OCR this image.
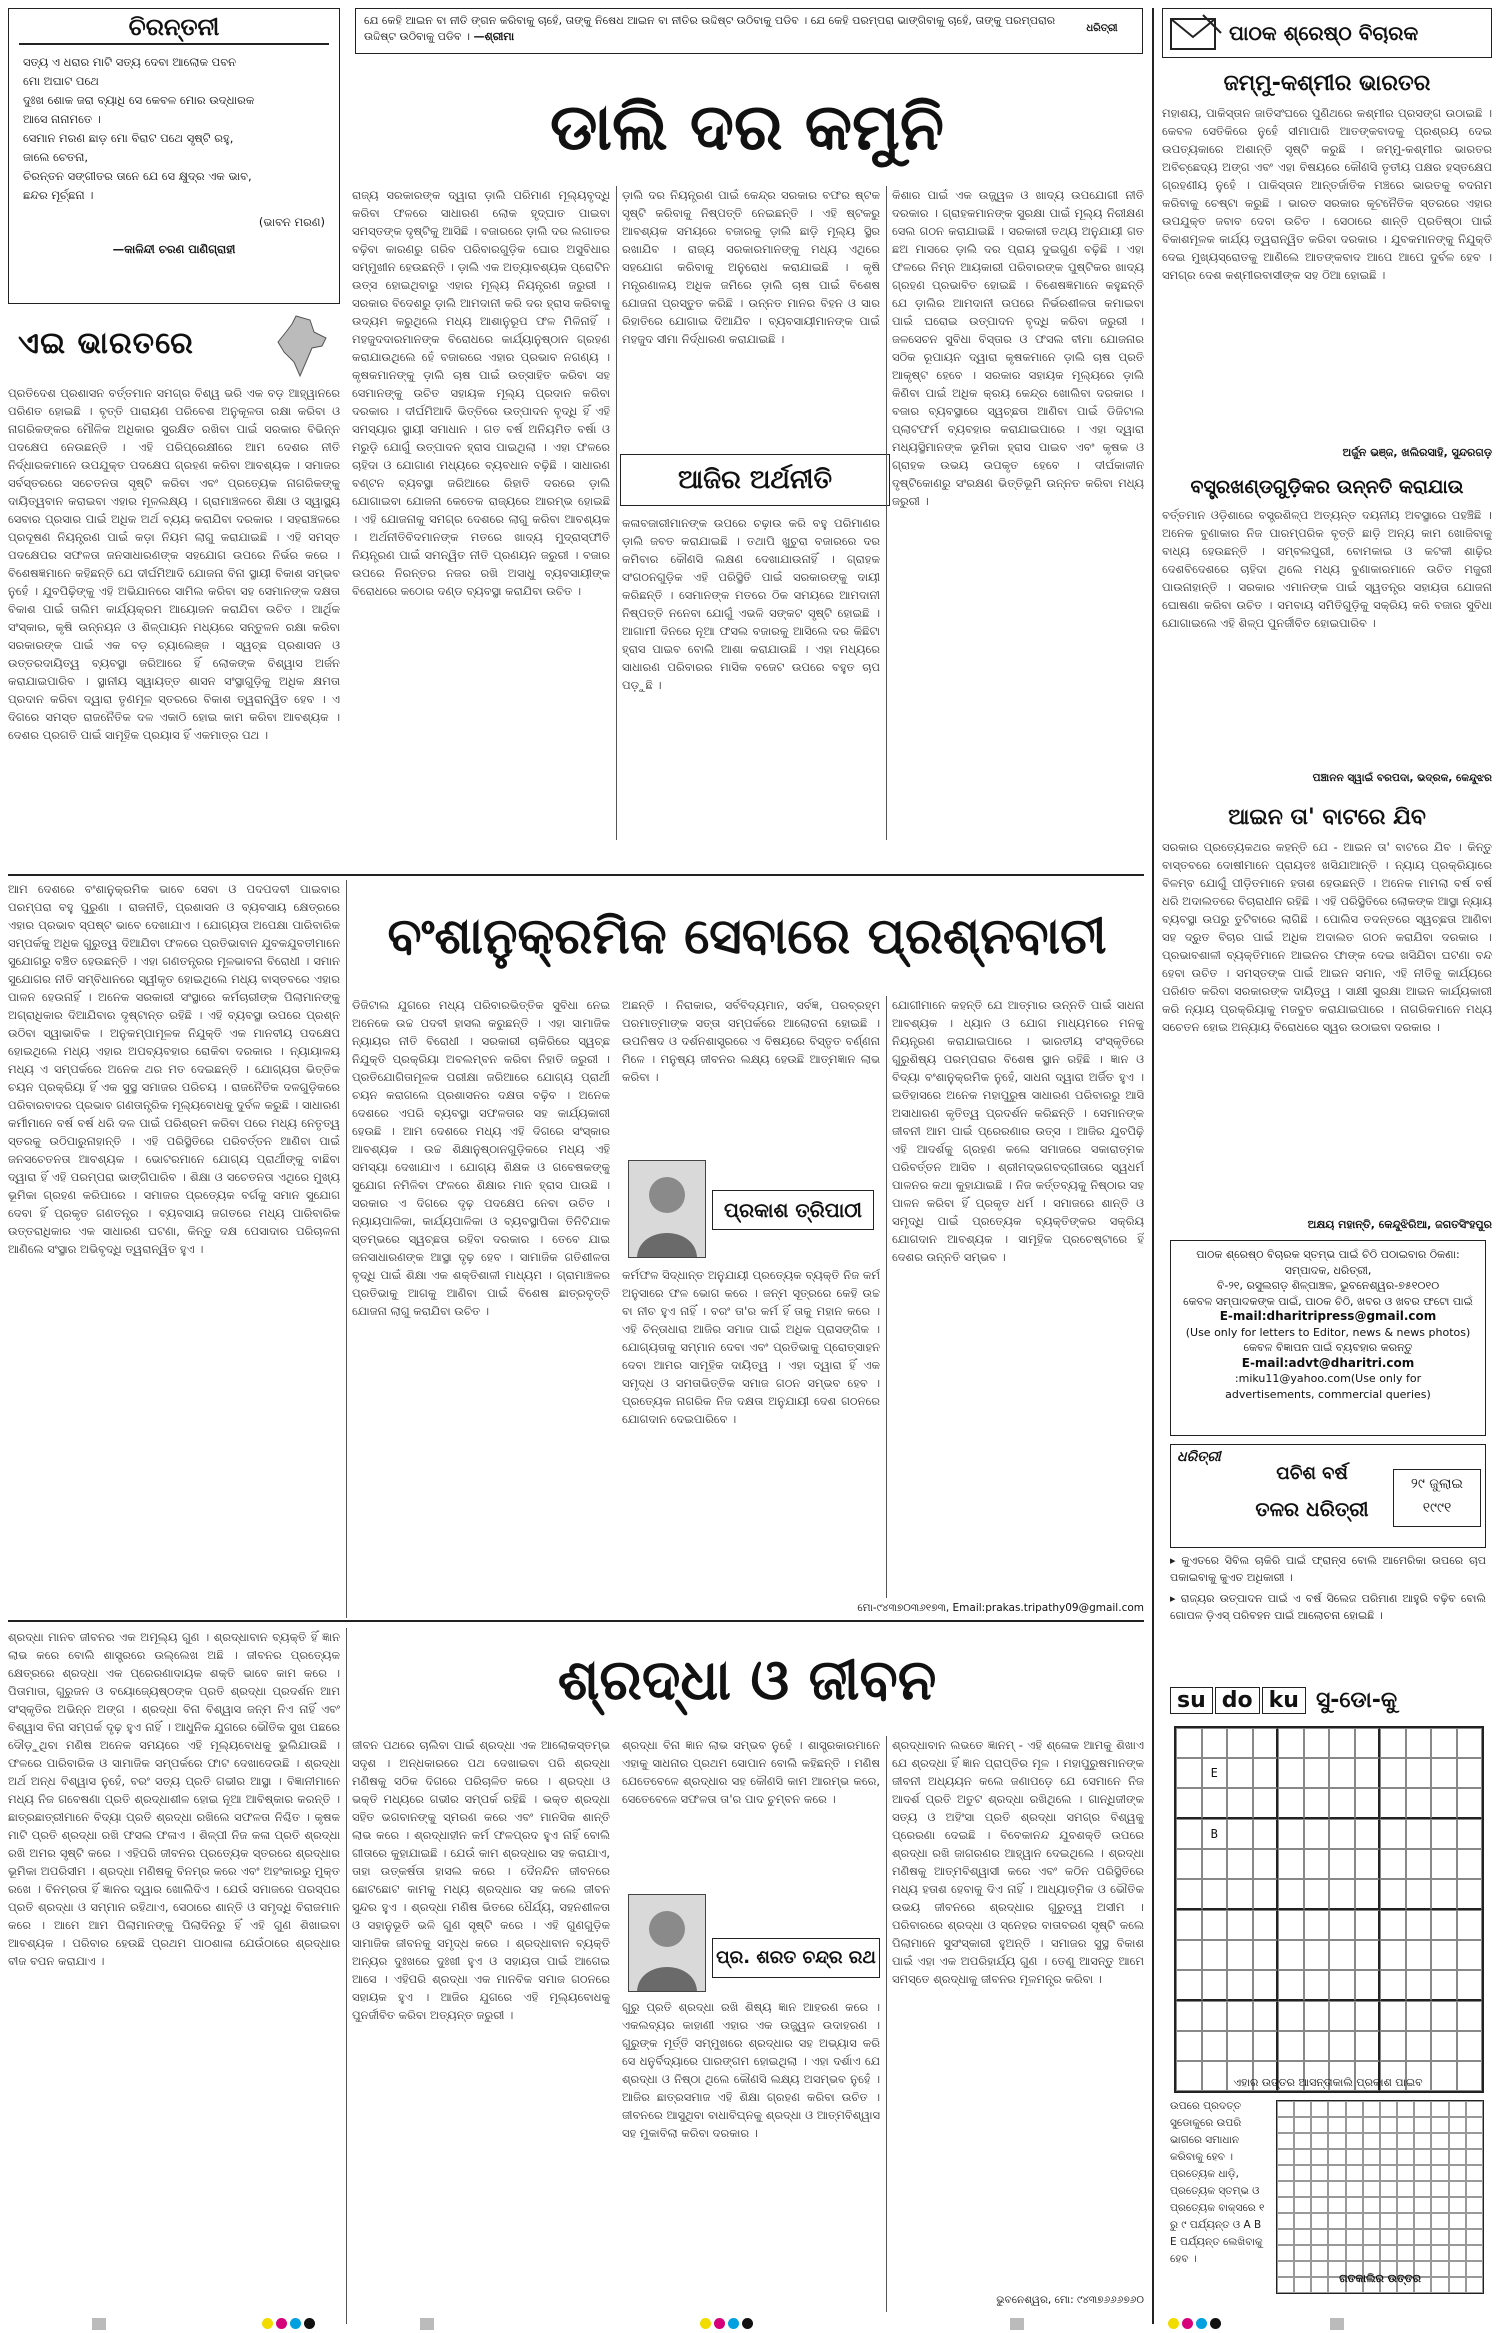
ଯେ କେହି ଆଇନ ବା ନୀତି ଙ୍ଗନ କରିବାକୁ ଚାହେଁ, ତାଙ୍କୁ ନିଷେଧ ଆଇନ ବା ନୀତିର ଉଦ୍ଦିଷ୍ଟ ଉଠିବାକୁ ପଡିବ । ଯେ କେହି ପରମ୍ପରା ଭାଙ୍ଗିବାକୁ ଚାହେଁ, ତାଙ୍କୁ ପରମ୍ପରାର ଉଦ୍ଦିଷ୍ଟ ଉଠିବାକୁ ପଡିବ । —ଶ୍ରୀମା
ଧରିତ୍ରୀ
ଚିରନ୍ତନୀ
ସତ୍ୟ ଏ ଧରାର ମାଟି ସତ୍ୟ ଦେବା ଆଲୋକ ପବନ
ମୋ ଅଘାଟ ପଥେ
ଦୁଃଖ ଶୋକ ଜରା ବ୍ୟାଧି ସେ କେବଳ ମୋର ଉଦ୍ଧାରକ
ଆସେ ନାନାମତେ ।
ସେମାନ ମରଣ ଛାଡ଼ ମୋ ବିରାଟ ପଥେ ସୃଷ୍ଟି ରହୁ,
ଜାଲେ ଚେତନା,
ଚିରନ୍ତନ ସଙ୍ଗୀତର ତାନେ ଯେ ସେ କ୍ଷୁଦ୍ର ଏକ ଭାବ,
ଛନ୍ଦର ମୂର୍ଚ୍ଛନା ।
(ଭାବନ ମରଣ)
—କାଳିନ୍ଦୀ ଚରଣ ପାଣିଗ୍ରାହୀ
ଏଇ ଭାରତରେ
ପ୍ରତିଦେଶ ପ୍ରଶାସନ ବର୍ତ୍ତମାନ ସମଗ୍ର ବିଶ୍ୱ ଭରି ଏକ ବଡ଼ ଆହ୍ୱାନରେ ପରିଣତ ହୋଇଛି । ବୃତ୍ତି ପାରାୟଣ ପରିବେଶ ଅନୁକୂଳତା ରକ୍ଷା କରିବା ଓ ନାଗରିକଙ୍କର ମୌଳିକ ଅଧିକାର ସୁରକ୍ଷିତ ରଖିବା ପାଇଁ ସରକାର ବିଭିନ୍ନ ପଦକ୍ଷେପ ନେଉଛନ୍ତି । ଏହି ପରିପ୍ରେକ୍ଷୀରେ ଆମ ଦେଶର ନୀତି ନିର୍ଦ୍ଧାରକମାନେ ଉପଯୁକ୍ତ ପଦକ୍ଷେପ ଗ୍ରହଣ କରିବା ଆବଶ୍ୟକ । ସମାଜର ସର୍ବସ୍ତରରେ ସଚେତନତା ସୃଷ୍ଟି କରିବା ଏବଂ ପ୍ରତ୍ୟେକ ନାଗରିକଙ୍କୁ ଦାୟିତ୍ୱବାନ କରାଇବା ଏହାର ମୂଳଲକ୍ଷ୍ୟ । ଗ୍ରାମାଞ୍ଚଳରେ ଶିକ୍ଷା ଓ ସ୍ୱାସ୍ଥ୍ୟ ସେବାର ପ୍ରସାର ପାଇଁ ଅଧିକ ଅର୍ଥ ବ୍ୟୟ କରାଯିବା ଦରକାର । ସହରାଞ୍ଚଳରେ ପ୍ରଦୂଷଣ ନିୟନ୍ତ୍ରଣ ପାଇଁ କଡ଼ା ନିୟମ ଲାଗୁ କରାଯାଇଛି । ଏହି ସମସ୍ତ ପଦକ୍ଷେପର ସଫଳତା ଜନସାଧାରଣଙ୍କ ସହଯୋଗ ଉପରେ ନିର୍ଭର କରେ । ବିଶେଷଜ୍ଞମାନେ କହିଛନ୍ତି ଯେ ଦୀର୍ଘମିଆଦି ଯୋଜନା ବିନା ସ୍ଥାୟୀ ବିକାଶ ସମ୍ଭବ ନୁହେଁ । ଯୁବପିଢ଼ିଙ୍କୁ ଏହି ଅଭିଯାନରେ ସାମିଲ କରିବା ସହ ସେମାନଙ୍କ ଦକ୍ଷତା ବିକାଶ ପାଇଁ ତାଲିମ କାର୍ଯ୍ୟକ୍ରମ ଆୟୋଜନ କରାଯିବା ଉଚିତ । ଆର୍ଥିକ ସଂସ୍କାର, କୃଷି ଉନ୍ନୟନ ଓ ଶିଳ୍ପାୟନ ମଧ୍ୟରେ ସନ୍ତୁଳନ ରକ୍ଷା କରିବା ସରକାରଙ୍କ ପାଇଁ ଏକ ବଡ଼ ଚ୍ୟାଲେଞ୍ଜ । ସ୍ୱଚ୍ଛ ପ୍ରଶାସନ ଓ ଉତ୍ତରଦାୟିତ୍ୱ ବ୍ୟବସ୍ଥା ଜରିଆରେ ହିଁ ଲୋକଙ୍କ ବିଶ୍ୱାସ ଅର୍ଜନ କରାଯାଇପାରିବ । ସ୍ଥାନୀୟ ସ୍ୱାୟତ୍ତ ଶାସନ ସଂସ୍ଥାଗୁଡ଼ିକୁ ଅଧିକ କ୍ଷମତା ପ୍ରଦାନ କରିବା ଦ୍ୱାରା ତୃଣମୂଳ ସ୍ତରରେ ବିକାଶ ତ୍ୱରାନ୍ୱିତ ହେବ । ଏ ଦିଗରେ ସମସ୍ତ ରାଜନୈତିକ ଦଳ ଏକାଠି ହୋଇ କାମ କରିବା ଆବଶ୍ୟକ । ଦେଶର ପ୍ରଗତି ପାଇଁ ସାମୂହିକ ପ୍ରୟାସ ହିଁ ଏକମାତ୍ର ପଥ ।
ଡାଲି ଦର କମୁନି
ରାଜ୍ୟ ସରକାରଙ୍କ ଦ୍ୱାରା ଡ଼ାଲି ପରିମାଣ ମୂଲ୍ୟବୃଦ୍ଧି କରିବା ଫଳରେ ସାଧାରଣ ଲୋକ ହୃଦ୍‌ଘାତ ପାଇବା ସମସ୍ତଙ୍କ ଦୃଷ୍ଟିକୁ ଆସିଛି । ବଜାରରେ ଡ଼ାଲି ଦର ଲଗାତର ବଢ଼ିବା କାରଣରୁ ଗରିବ ପରିବାରଗୁଡ଼ିକ ଘୋର ଅସୁବିଧାର ସମ୍ମୁଖୀନ ହେଉଛନ୍ତି । ଡ଼ାଲି ଏକ ଅତ୍ୟାବଶ୍ୟକ ପ୍ରୋଟିନ ଉତ୍ସ ହୋଇଥିବାରୁ ଏହାର ମୂଲ୍ୟ ନିୟନ୍ତ୍ରଣ ଜରୁରୀ । ସରକାର ବିଦେଶରୁ ଡ଼ାଲି ଆମଦାନୀ କରି ଦର ହ୍ରାସ କରିବାକୁ ଉଦ୍ୟମ କରୁଥିଲେ ମଧ୍ୟ ଆଶାନୁରୂପ ଫଳ ମିଳିନାହିଁ । ମହଜୁଦଦାରମାନଙ୍କ ବିରୋଧରେ କାର୍ଯ୍ୟାନୁଷ୍ଠାନ ଗ୍ରହଣ କରାଯାଉଥିଲେ ହେଁ ବଜାରରେ ଏହାର ପ୍ରଭାବ ନଗଣ୍ୟ । କୃଷକମାନଙ୍କୁ ଡ଼ାଲି ଚାଷ ପାଇଁ ଉତ୍ସାହିତ କରିବା ସହ ସେମାନଙ୍କୁ ଉଚିତ ସହାୟକ ମୂଲ୍ୟ ପ୍ରଦାନ କରିବା ଦରକାର । ଦୀର୍ଘମିଆଦି ଭିତ୍ତିରେ ଉତ୍ପାଦନ ବୃଦ୍ଧି ହିଁ ଏହି ସମସ୍ୟାର ସ୍ଥାୟୀ ସମାଧାନ । ଗତ ବର୍ଷ ଅନିୟମିତ ବର୍ଷା ଓ ମରୁଡ଼ି ଯୋଗୁଁ ଉତ୍ପାଦନ ହ୍ରାସ ପାଇଥିଲା । ଏହା ଫଳରେ ଚାହିଦା ଓ ଯୋଗାଣ ମଧ୍ୟରେ ବ୍ୟବଧାନ ବଢ଼ିଛି । ସାଧାରଣ ବଣ୍ଟନ ବ୍ୟବସ୍ଥା ଜରିଆରେ ରିହାତି ଦରରେ ଡ଼ାଲି ଯୋଗାଇବା ଯୋଜନା କେତେକ ରାଜ୍ୟରେ ଆରମ୍ଭ ହୋଇଛି । ଏହି ଯୋଜନାକୁ ସମଗ୍ର ଦେଶରେ ଲାଗୁ କରିବା ଆବଶ୍ୟକ । ଅର୍ଥନୀତିବିଦମାନଙ୍କ ମତରେ ଖାଦ୍ୟ ମୁଦ୍ରାସ୍ଫୀତି ନିୟନ୍ତ୍ରଣ ପାଇଁ ସମନ୍ୱିତ ନୀତି ପ୍ରଣୟନ ଜରୁରୀ । ବଜାର ଉପରେ ନିରନ୍ତର ନଜର ରଖି ଅସାଧୁ ବ୍ୟବସାୟୀଙ୍କ ବିରୋଧରେ କଠୋର ଦଣ୍ଡ ବ୍ୟବସ୍ଥା କରାଯିବା ଉଚିତ ।
ଆଜିର ଅର୍ଥନୀତି
ଡ଼ାଲି ଦର ନିୟନ୍ତ୍ରଣ ପାଇଁ କେନ୍ଦ୍ର ସରକାର ବଫର ଷ୍ଟକ ସୃଷ୍ଟି କରିବାକୁ ନିଷ୍ପତ୍ତି ନେଇଛନ୍ତି । ଏହି ଷ୍ଟକରୁ ଆବଶ୍ୟକ ସମୟରେ ବଜାରକୁ ଡ଼ାଲି ଛାଡ଼ି ମୂଲ୍ୟ ସ୍ଥିର ରଖାଯିବ । ରାଜ୍ୟ ସରକାରମାନଙ୍କୁ ମଧ୍ୟ ଏଥିରେ ସହଯୋଗ କରିବାକୁ ଅନୁରୋଧ କରାଯାଇଛି । କୃଷି ମନ୍ତ୍ରଣାଳୟ ଅଧିକ ଜମିରେ ଡ଼ାଲି ଚାଷ ପାଇଁ ବିଶେଷ ଯୋଜନା ପ୍ରସ୍ତୁତ କରିଛି । ଉନ୍ନତ ମାନର ବିହନ ଓ ସାର ରିହାତିରେ ଯୋଗାଇ ଦିଆଯିବ । ବ୍ୟବସାୟୀମାନଙ୍କ ପାଇଁ ମହଜୁଦ ସୀମା ନିର୍ଦ୍ଧାରଣ କରାଯାଇଛି ।
କଳାବଜାରୀମାନଙ୍କ ଉପରେ ଚଢ଼ାଉ କରି ବହୁ ପରିମାଣର ଡ଼ାଲି ଜବତ କରାଯାଇଛି । ତଥାପି ଖୁଚୁରା ବଜାରରେ ଦର କମିବାର କୌଣସି ଲକ୍ଷଣ ଦେଖାଯାଉନାହିଁ । ଗ୍ରାହକ ସଂଗଠନଗୁଡ଼ିକ ଏହି ପରିସ୍ଥିତି ପାଇଁ ସରକାରଙ୍କୁ ଦାୟୀ କରିଛନ୍ତି । ସେମାନଙ୍କ ମତରେ ଠିକ ସମୟରେ ଆମଦାନୀ ନିଷ୍ପତ୍ତି ନନେବା ଯୋଗୁଁ ଏଭଳି ସଙ୍କଟ ସୃଷ୍ଟି ହୋଇଛି । ଆଗାମୀ ଦିନରେ ନୂଆ ଫସଲ ବଜାରକୁ ଆସିଲେ ଦର କିଛିଟା ହ୍ରାସ ପାଇବ ବୋଲି ଆଶା କରାଯାଉଛି । ଏହା ମଧ୍ୟରେ ସାଧାରଣ ପରିବାରର ମାସିକ ବଜେଟ ଉପରେ ବହୁତ ଚାପ ପଡ଼ୁଛି ।
କିଶାର ପାଇଁ ଏକ ଉଜ୍ଜ୍ୱଳ ଓ ଖାଦ୍ୟ ଉପଯୋଗୀ ନୀତି ଦରକାର । ଗ୍ରାହକମାନଙ୍କ ସୁରକ୍ଷା ପାଇଁ ମୂଲ୍ୟ ନିରୀକ୍ଷଣ ସେଲ ଗଠନ କରାଯାଇଛି । ସରକାରୀ ତଥ୍ୟ ଅନୁଯାୟୀ ଗତ ଛଅ ମାସରେ ଡ଼ାଲି ଦର ପ୍ରାୟ ଦୁଇଗୁଣ ବଢ଼ିଛି । ଏହା ଫଳରେ ନିମ୍ନ ଆୟକାରୀ ପରିବାରଙ୍କ ପୁଷ୍ଟିକର ଖାଦ୍ୟ ଗ୍ରହଣ ପ୍ରଭାବିତ ହୋଇଛି । ବିଶେଷଜ୍ଞମାନେ କହୁଛନ୍ତି ଯେ ଡ଼ାଲିର ଆମଦାନୀ ଉପରେ ନିର୍ଭରଶୀଳତା କମାଇବା ପାଇଁ ଘରୋଇ ଉତ୍ପାଦନ ବୃଦ୍ଧି କରିବା ଜରୁରୀ । ଜଳସେଚନ ସୁବିଧା ବିସ୍ତାର ଓ ଫସଲ ବୀମା ଯୋଜନାର ସଠିକ ରୂପାୟନ ଦ୍ୱାରା କୃଷକମାନେ ଡ଼ାଲି ଚାଷ ପ୍ରତି ଆକୃଷ୍ଟ ହେବେ । ସରକାର ସହାୟକ ମୂଲ୍ୟରେ ଡ଼ାଲି କିଣିବା ପାଇଁ ଅଧିକ କ୍ରୟ କେନ୍ଦ୍ର ଖୋଲିବା ଦରକାର । ବଜାର ବ୍ୟବସ୍ଥାରେ ସ୍ୱଚ୍ଛତା ଆଣିବା ପାଇଁ ଡିଜିଟାଲ ପ୍ଲାଟଫର୍ମ ବ୍ୟବହାର କରାଯାଇପାରେ । ଏହା ଦ୍ୱାରା ମଧ୍ୟସ୍ଥିମାନଙ୍କ ଭୂମିକା ହ୍ରାସ ପାଇବ ଏବଂ କୃଷକ ଓ ଗ୍ରାହକ ଉଭୟ ଉପକୃତ ହେବେ । ଦୀର୍ଘକାଳୀନ ଦୃଷ୍ଟିକୋଣରୁ ସଂରକ୍ଷଣ ଭିତ୍ତିଭୂମି ଉନ୍ନତ କରିବା ମଧ୍ୟ ଜରୁରୀ ।
ଆମ ଦେଶରେ ବଂଶାନୁକ୍ରମିକ ଭାବେ ସେବା ଓ ପଦପଦବୀ ପାଇବାର ପରମ୍ପରା ବହୁ ପୁରୁଣା । ରାଜନୀତି, ପ୍ରଶାସନ ଓ ବ୍ୟବସାୟ କ୍ଷେତ୍ରରେ ଏହାର ପ୍ରଭାବ ସ୍ପଷ୍ଟ ଭାବେ ଦେଖାଯାଏ । ଯୋଗ୍ୟତା ଅପେକ୍ଷା ପାରିବାରିକ ସମ୍ପର୍କକୁ ଅଧିକ ଗୁରୁତ୍ୱ ଦିଆଯିବା ଫଳରେ ପ୍ରତିଭାବାନ ଯୁବକଯୁବତୀମାନେ ସୁଯୋଗରୁ ବଞ୍ଚିତ ହେଉଛନ୍ତି । ଏହା ଗଣତନ୍ତ୍ରର ମୂଳଭାବନା ବିରୋଧୀ । ସମାନ ସୁଯୋଗର ନୀତି ସମ୍ବିଧାନରେ ସ୍ୱୀକୃତ ହୋଇଥିଲେ ମଧ୍ୟ ବାସ୍ତବରେ ଏହାର ପାଳନ ହେଉନାହିଁ । ଅନେକ ସରକାରୀ ସଂସ୍ଥାରେ କର୍ମଚାରୀଙ୍କ ପିଲାମାନଙ୍କୁ ଅଗ୍ରାଧିକାର ଦିଆଯିବାର ଦୃଷ୍ଟାନ୍ତ ରହିଛି । ଏହି ବ୍ୟବସ୍ଥା ଉପରେ ପ୍ରଶ୍ନ ଉଠିବା ସ୍ୱାଭାବିକ । ଅନୁକମ୍ପାମୂଳକ ନିଯୁକ୍ତି ଏକ ମାନବୀୟ ପଦକ୍ଷେପ ହୋଇଥିଲେ ମଧ୍ୟ ଏହାର ଅପବ୍ୟବହାର ରୋକିବା ଦରକାର । ନ୍ୟାୟାଳୟ ମଧ୍ୟ ଏ ସମ୍ପର୍କରେ ଅନେକ ଥର ମତ ଦେଇଛନ୍ତି । ଯୋଗ୍ୟତା ଭିତ୍ତିକ ଚୟନ ପ୍ରକ୍ରିୟା ହିଁ ଏକ ସୁସ୍ଥ ସମାଜର ପରିଚୟ । ରାଜନୈତିକ ଦଳଗୁଡ଼ିକରେ ପରିବାରବାଦର ପ୍ରଭାବ ଗଣତାନ୍ତ୍ରିକ ମୂଲ୍ୟବୋଧକୁ ଦୁର୍ବଳ କରୁଛି । ସାଧାରଣ କର୍ମୀମାନେ ବର୍ଷ ବର୍ଷ ଧରି ଦଳ ପାଇଁ ପରିଶ୍ରମ କରିବା ପରେ ମଧ୍ୟ ନେତୃତ୍ୱ ସ୍ତରକୁ ଉଠିପାରୁନାହାନ୍ତି । ଏହି ପରିସ୍ଥିତିରେ ପରିବର୍ତ୍ତନ ଆଣିବା ପାଇଁ ଜନସଚେତନତା ଆବଶ୍ୟକ । ଭୋଟରମାନେ ଯୋଗ୍ୟ ପ୍ରାର୍ଥୀଙ୍କୁ ବାଛିବା ଦ୍ୱାରା ହିଁ ଏହି ପରମ୍ପରା ଭାଙ୍ଗିପାରିବ । ଶିକ୍ଷା ଓ ସଚେତନତା ଏଥିରେ ମୁଖ୍ୟ ଭୂମିକା ଗ୍ରହଣ କରିପାରେ । ସମାଜର ପ୍ରତ୍ୟେକ ବର୍ଗକୁ ସମାନ ସୁଯୋଗ ଦେବା ହିଁ ପ୍ରକୃତ ଗଣତନ୍ତ୍ର । ବ୍ୟବସାୟ ଜଗତରେ ମଧ୍ୟ ପାରିବାରିକ ଉତ୍ତରାଧିକାର ଏକ ସାଧାରଣ ଘଟଣା, କିନ୍ତୁ ଦକ୍ଷ ପେସାଦାର ପରିଚାଳନା ଆଣିଲେ ସଂସ୍ଥାର ଅଭିବୃଦ୍ଧି ତ୍ୱରାନ୍ୱିତ ହୁଏ ।
ବଂଶାନୁକ୍ରମିକ ସେବାରେ ପ୍ରଶ୍ନବାଚୀ
ଡିଜିଟାଲ ଯୁଗରେ ମଧ୍ୟ ପରିବାରଭିତ୍ତିକ ସୁବିଧା ନେଇ ଅନେକେ ଉଚ୍ଚ ପଦବୀ ହାସଲ କରୁଛନ୍ତି । ଏହା ସାମାଜିକ ନ୍ୟାୟର ନୀତି ବିରୋଧୀ । ସରକାରୀ ଚାକିରିରେ ସ୍ୱଚ୍ଛ ନିଯୁକ୍ତି ପ୍ରକ୍ରିୟା ଅବଲମ୍ବନ କରିବା ନିହାତି ଜରୁରୀ । ପ୍ରତିଯୋଗିତାମୂଳକ ପରୀକ୍ଷା ଜରିଆରେ ଯୋଗ୍ୟ ପ୍ରାର୍ଥୀ ଚୟନ କରାଗଲେ ପ୍ରଶାସନର ଦକ୍ଷତା ବଢ଼ିବ । ଅନେକ ଦେଶରେ ଏପରି ବ୍ୟବସ୍ଥା ସଫଳତାର ସହ କାର୍ଯ୍ୟକାରୀ ହେଉଛି । ଆମ ଦେଶରେ ମଧ୍ୟ ଏହି ଦିଗରେ ସଂସ୍କାର ଆବଶ୍ୟକ । ଉଚ୍ଚ ଶିକ୍ଷାନୁଷ୍ଠାନଗୁଡ଼ିକରେ ମଧ୍ୟ ଏହି ସମସ୍ୟା ଦେଖାଯାଏ । ଯୋଗ୍ୟ ଶିକ୍ଷକ ଓ ଗବେଷକଙ୍କୁ ସୁଯୋଗ ନମିଳିବା ଫଳରେ ଶିକ୍ଷାର ମାନ ହ୍ରାସ ପାଉଛି । ସରକାର ଏ ଦିଗରେ ଦୃଢ଼ ପଦକ୍ଷେପ ନେବା ଉଚିତ । ନ୍ୟାୟପାଳିକା, କାର୍ଯ୍ୟପାଳିକା ଓ ବ୍ୟବସ୍ଥାପିକା ତିନିଟିଯାକ ସ୍ତମ୍ଭରେ ସ୍ୱଚ୍ଛତା ରହିବା ଦରକାର । ତେବେ ଯାଇ ଜନସାଧାରଣଙ୍କ ଆସ୍ଥା ଦୃଢ଼ ହେବ । ସାମାଜିକ ଗତିଶୀଳତା ବୃଦ୍ଧି ପାଇଁ ଶିକ୍ଷା ଏକ ଶକ୍ତିଶାଳୀ ମାଧ୍ୟମ । ଗ୍ରାମାଞ୍ଚଳର ପ୍ରତିଭାକୁ ଆଗକୁ ଆଣିବା ପାଇଁ ବିଶେଷ ଛାତ୍ରବୃତ୍ତି ଯୋଜନା ଲାଗୁ କରାଯିବା ଉଚିତ ।
ପ୍ରକାଶ ତ୍ରିପାଠୀ
ଅଛନ୍ତି । ନିରାକାର, ସର୍ବବିଦ୍ୟମାନ, ସର୍ବଜ୍ଞ, ପରବ୍ରହ୍ମ ପରମାତ୍ମାଙ୍କ ସତ୍ତା ସମ୍ପର୍କରେ ଆଲୋଚନା ହୋଇଛି । ଉପନିଷଦ ଓ ଦର୍ଶନଶାସ୍ତ୍ରରେ ଏ ବିଷୟରେ ବିସ୍ତୃତ ବର୍ଣ୍ଣନା ମିଳେ । ମନୁଷ୍ୟ ଜୀବନର ଲକ୍ଷ୍ୟ ହେଉଛି ଆତ୍ମଜ୍ଞାନ ଲାଭ କରିବା ।
କର୍ମଫଳ ସିଦ୍ଧାନ୍ତ ଅନୁଯାୟୀ ପ୍ରତ୍ୟେକ ବ୍ୟକ୍ତି ନିଜ କର୍ମ ଅନୁସାରେ ଫଳ ଭୋଗ କରେ । ଜନ୍ମ ସୂତ୍ରରେ କେହି ଉଚ୍ଚ ବା ନୀଚ ହୁଏ ନାହିଁ । ବରଂ ତା'ର କର୍ମ ହିଁ ତାକୁ ମହାନ କରେ । ଏହି ଚିନ୍ତାଧାରା ଆଜିର ସମାଜ ପାଇଁ ଅଧିକ ପ୍ରାସଙ୍ଗିକ । ଯୋଗ୍ୟତାକୁ ସମ୍ମାନ ଦେବା ଏବଂ ପ୍ରତିଭାକୁ ପ୍ରୋତ୍ସାହନ ଦେବା ଆମର ସାମୂହିକ ଦାୟିତ୍ୱ । ଏହା ଦ୍ୱାରା ହିଁ ଏକ ସମୃଦ୍ଧ ଓ ସମତାଭିତ୍ତିକ ସମାଜ ଗଠନ ସମ୍ଭବ ହେବ । ପ୍ରତ୍ୟେକ ନାଗରିକ ନିଜ ଦକ୍ଷତା ଅନୁଯାୟୀ ଦେଶ ଗଠନରେ ଯୋଗଦାନ ଦେଇପାରିବେ ।
ଯୋଗୀମାନେ କହନ୍ତି ଯେ ଆତ୍ମାର ଉନ୍ନତି ପାଇଁ ସାଧନା ଆବଶ୍ୟକ । ଧ୍ୟାନ ଓ ଯୋଗ ମାଧ୍ୟମରେ ମନକୁ ନିୟନ୍ତ୍ରଣ କରାଯାଇପାରେ । ଭାରତୀୟ ସଂସ୍କୃତିରେ ଗୁରୁଶିଷ୍ୟ ପରମ୍ପରାର ବିଶେଷ ସ୍ଥାନ ରହିଛି । ଜ୍ଞାନ ଓ ବିଦ୍ୟା ବଂଶାନୁକ୍ରମିକ ନୁହେଁ, ସାଧନା ଦ୍ୱାରା ଅର୍ଜିତ ହୁଏ । ଇତିହାସରେ ଅନେକ ମହାପୁରୁଷ ସାଧାରଣ ପରିବାରରୁ ଆସି ଅସାଧାରଣ କୃତିତ୍ୱ ପ୍ରଦର୍ଶନ କରିଛନ୍ତି । ସେମାନଙ୍କ ଜୀବନୀ ଆମ ପାଇଁ ପ୍ରେରଣାର ଉତ୍ସ । ଆଜିର ଯୁବପିଢ଼ି ଏହି ଆଦର୍ଶକୁ ଗ୍ରହଣ କଲେ ସମାଜରେ ସକାରାତ୍ମକ ପରିବର୍ତ୍ତନ ଆସିବ । ଶ୍ରୀମଦ୍ଭଗବଦ୍ଗୀତାରେ ସ୍ୱଧର୍ମ ପାଳନର କଥା କୁହାଯାଇଛି । ନିଜ କର୍ତ୍ତବ୍ୟକୁ ନିଷ୍ଠାର ସହ ପାଳନ କରିବା ହିଁ ପ୍ରକୃତ ଧର୍ମ । ସମାଜରେ ଶାନ୍ତି ଓ ସମୃଦ୍ଧି ପାଇଁ ପ୍ରତ୍ୟେକ ବ୍ୟକ୍ତିଙ୍କର ସକ୍ରିୟ ଯୋଗଦାନ ଆବଶ୍ୟକ । ସାମୂହିକ ପ୍ରଚେଷ୍ଟାରେ ହିଁ ଦେଶର ଉନ୍ନତି ସମ୍ଭବ ।
ମୋ-୯୪୩୭୦୩୬୧୭୩, Email:prakas.tripathy09@gmail.com
ଶ୍ରଦ୍ଧା ମାନବ ଜୀବନର ଏକ ଅମୂଲ୍ୟ ଗୁଣ । ଶ୍ରଦ୍ଧାବାନ ବ୍ୟକ୍ତି ହିଁ ଜ୍ଞାନ ଲାଭ କରେ ବୋଲି ଶାସ୍ତ୍ରରେ ଉଲ୍ଲେଖ ଅଛି । ଜୀବନର ପ୍ରତ୍ୟେକ କ୍ଷେତ୍ରରେ ଶ୍ରଦ୍ଧା ଏକ ପ୍ରେରଣାଦାୟକ ଶକ୍ତି ଭାବେ କାମ କରେ । ପିତାମାତା, ଗୁରୁଜନ ଓ ବୟୋଜ୍ୟେଷ୍ଠଙ୍କ ପ୍ରତି ଶ୍ରଦ୍ଧା ପ୍ରଦର୍ଶନ ଆମ ସଂସ୍କୃତିର ଅଭିନ୍ନ ଅଙ୍ଗ । ଶ୍ରଦ୍ଧା ବିନା ବିଶ୍ୱାସ ଜନ୍ମ ନିଏ ନାହିଁ ଏବଂ ବିଶ୍ୱାସ ବିନା ସମ୍ପର୍କ ଦୃଢ଼ ହୁଏ ନାହିଁ । ଆଧୁନିକ ଯୁଗରେ ଭୌତିକ ସୁଖ ପଛରେ ଦୌଡ଼ୁଥିବା ମଣିଷ ଅନେକ ସମୟରେ ଏହି ମୂଲ୍ୟବୋଧକୁ ଭୁଲିଯାଉଛି । ଫଳରେ ପାରିବାରିକ ଓ ସାମାଜିକ ସମ୍ପର୍କରେ ଫାଟ ଦେଖାଦେଉଛି । ଶ୍ରଦ୍ଧା ଅର୍ଥ ଅନ୍ଧ ବିଶ୍ୱାସ ନୁହେଁ, ବରଂ ସତ୍ୟ ପ୍ରତି ଗଭୀର ଆସ୍ଥା । ବିଜ୍ଞାନୀମାନେ ମଧ୍ୟ ନିଜ ଗବେଷଣା ପ୍ରତି ଶ୍ରଦ୍ଧାଶୀଳ ହୋଇ ନୂଆ ଆବିଷ୍କାର କରନ୍ତି । ଛାତ୍ରଛାତ୍ରୀମାନେ ବିଦ୍ୟା ପ୍ରତି ଶ୍ରଦ୍ଧା ରଖିଲେ ସଫଳତା ନିଶ୍ଚିତ । କୃଷକ ମାଟି ପ୍ରତି ଶ୍ରଦ୍ଧା ରଖି ଫସଲ ଫଳାଏ । ଶିଳ୍ପୀ ନିଜ କଳା ପ୍ରତି ଶ୍ରଦ୍ଧା ରଖି ଅମର ସୃଷ୍ଟି କରେ । ଏହିପରି ଜୀବନର ପ୍ରତ୍ୟେକ ସ୍ତରରେ ଶ୍ରଦ୍ଧାର ଭୂମିକା ଅପରିସୀମ । ଶ୍ରଦ୍ଧା ମଣିଷକୁ ବିନମ୍ର କରେ ଏବଂ ଅହଂକାରରୁ ମୁକ୍ତ ରଖେ । ବିନମ୍ରତା ହିଁ ଜ୍ଞାନର ଦ୍ୱାର ଖୋଲିଦିଏ । ଯେଉଁ ସମାଜରେ ପରସ୍ପର ପ୍ରତି ଶ୍ରଦ୍ଧା ଓ ସମ୍ମାନ ରହିଥାଏ, ସେଠାରେ ଶାନ୍ତି ଓ ସମୃଦ୍ଧି ବିରାଜମାନ କରେ । ଆମେ ଆମ ପିଲାମାନଙ୍କୁ ପିଲାଦିନରୁ ହିଁ ଏହି ଗୁଣ ଶିଖାଇବା ଆବଶ୍ୟକ । ପରିବାର ହେଉଛି ପ୍ରଥମ ପାଠଶାଳା ଯେଉଁଠାରେ ଶ୍ରଦ୍ଧାର ବୀଜ ବପନ କରାଯାଏ ।
ଶ୍ରଦ୍ଧା ଓ ଜୀବନ
ଜୀବନ ପଥରେ ଚାଲିବା ପାଇଁ ଶ୍ରଦ୍ଧା ଏକ ଆଲୋକସ୍ତମ୍ଭ ସଦୃଶ । ଅନ୍ଧକାରରେ ପଥ ଦେଖାଇବା ପରି ଶ୍ରଦ୍ଧା ମଣିଷକୁ ସଠିକ ଦିଗରେ ପରିଚାଳିତ କରେ । ଶ୍ରଦ୍ଧା ଓ ଭକ୍ତି ମଧ୍ୟରେ ଗଭୀର ସମ୍ପର୍କ ରହିଛି । ଭକ୍ତ ଶ୍ରଦ୍ଧା ସହିତ ଭଗବାନଙ୍କୁ ସ୍ମରଣ କରେ ଏବଂ ମାନସିକ ଶାନ୍ତି ଲାଭ କରେ । ଶ୍ରଦ୍ଧାହୀନ କର୍ମ ଫଳପ୍ରଦ ହୁଏ ନାହିଁ ବୋଲି ଗୀତାରେ କୁହାଯାଇଛି । ଯେଉଁ କାମ ଶ୍ରଦ୍ଧାର ସହ କରାଯାଏ, ତାହା ଉତ୍କର୍ଷତା ହାସଲ କରେ । ଦୈନନ୍ଦିନ ଜୀବନରେ ଛୋଟଛୋଟ କାମକୁ ମଧ୍ୟ ଶ୍ରଦ୍ଧାର ସହ କଲେ ଜୀବନ ସୁନ୍ଦର ହୁଏ । ଶ୍ରଦ୍ଧା ମଣିଷ ଭିତରେ ଧୈର୍ଯ୍ୟ, ସହନଶୀଳତା ଓ ସହାନୁଭୂତି ଭଳି ଗୁଣ ସୃଷ୍ଟି କରେ । ଏହି ଗୁଣଗୁଡ଼ିକ ସାମାଜିକ ଜୀବନକୁ ସମୃଦ୍ଧ କରେ । ଶ୍ରଦ୍ଧାବାନ ବ୍ୟକ୍ତି ଅନ୍ୟର ଦୁଃଖରେ ଦୁଃଖୀ ହୁଏ ଓ ସହାୟତା ପାଇଁ ଆଗେଇ ଆସେ । ଏହିପରି ଶ୍ରଦ୍ଧା ଏକ ମାନବିକ ସମାଜ ଗଠନରେ ସହାୟକ ହୁଏ । ଆଜିର ଯୁଗରେ ଏହି ମୂଲ୍ୟବୋଧକୁ ପୁନର୍ଜୀବିତ କରିବା ଅତ୍ୟନ୍ତ ଜରୁରୀ ।
ପ୍ର. ଶରତ ଚନ୍ଦ୍ର ରଥ
ଶ୍ରଦ୍ଧା ବିନା ଜ୍ଞାନ ଲାଭ ସମ୍ଭବ ନୁହେଁ । ଶାସ୍ତ୍ରକାରମାନେ ଏହାକୁ ସାଧନାର ପ୍ରଥମ ସୋପାନ ବୋଲି କହିଛନ୍ତି । ମଣିଷ ଯେତେବେଳେ ଶ୍ରଦ୍ଧାର ସହ କୌଣସି କାମ ଆରମ୍ଭ କରେ, ସେତେବେଳେ ସଫଳତା ତା'ର ପାଦ ଚୁମ୍ବନ କରେ ।
ଗୁରୁ ପ୍ରତି ଶ୍ରଦ୍ଧା ରଖି ଶିଷ୍ୟ ଜ୍ଞାନ ଆହରଣ କରେ । ଏକଲବ୍ୟର କାହାଣୀ ଏହାର ଏକ ଉଜ୍ଜ୍ୱଳ ଉଦାହରଣ । ଗୁରୁଙ୍କ ମୂର୍ତ୍ତି ସମ୍ମୁଖରେ ଶ୍ରଦ୍ଧାର ସହ ଅଭ୍ୟାସ କରି ସେ ଧନୁର୍ବିଦ୍ୟାରେ ପାରଙ୍ଗମ ହୋଇଥିଲା । ଏହା ଦର୍ଶାଏ ଯେ ଶ୍ରଦ୍ଧା ଓ ନିଷ୍ଠା ଥିଲେ କୌଣସି ଲକ୍ଷ୍ୟ ଅସମ୍ଭବ ନୁହେଁ । ଆଜିର ଛାତ୍ରସମାଜ ଏହି ଶିକ୍ଷା ଗ୍ରହଣ କରିବା ଉଚିତ । ଜୀବନରେ ଆସୁଥିବା ବାଧାବିଘ୍ନକୁ ଶ୍ରଦ୍ଧା ଓ ଆତ୍ମବିଶ୍ୱାସ ସହ ମୁକାବିଲା କରିବା ଦରକାର ।
ଶ୍ରଦ୍ଧାବାନ ଲଭତେ ଜ୍ଞାନମ୍ - ଏହି ଶ୍ଳୋକ ଆମକୁ ଶିଖାଏ ଯେ ଶ୍ରଦ୍ଧା ହିଁ ଜ୍ଞାନ ପ୍ରାପ୍ତିର ମୂଳ । ମହାପୁରୁଷମାନଙ୍କ ଜୀବନୀ ଅଧ୍ୟୟନ କଲେ ଜଣାପଡ଼େ ଯେ ସେମାନେ ନିଜ ଆଦର୍ଶ ପ୍ରତି ଅତୁଟ ଶ୍ରଦ୍ଧା ରଖିଥିଲେ । ଗାନ୍ଧିଜୀଙ୍କ ସତ୍ୟ ଓ ଅହିଂସା ପ୍ରତି ଶ୍ରଦ୍ଧା ସମଗ୍ର ବିଶ୍ୱକୁ ପ୍ରେରଣା ଦେଇଛି । ବିବେକାନନ୍ଦ ଯୁବଶକ୍ତି ଉପରେ ଶ୍ରଦ୍ଧା ରଖି ଜାଗରଣର ଆହ୍ୱାନ ଦେଇଥିଲେ । ଶ୍ରଦ୍ଧା ମଣିଷକୁ ଆତ୍ମବିଶ୍ୱାସୀ କରେ ଏବଂ କଠିନ ପରିସ୍ଥିତିରେ ମଧ୍ୟ ହତାଶ ହେବାକୁ ଦିଏ ନାହିଁ । ଆଧ୍ୟାତ୍ମିକ ଓ ଭୌତିକ ଉଭୟ ଜୀବନରେ ଶ୍ରଦ୍ଧାର ଗୁରୁତ୍ୱ ଅସୀମ । ପରିବାରରେ ଶ୍ରଦ୍ଧା ଓ ସ୍ନେହର ବାତାବରଣ ସୃଷ୍ଟି କଲେ ପିଲାମାନେ ସୁସଂସ୍କାରୀ ହୁଅନ୍ତି । ସମାଜର ସୁସ୍ଥ ବିକାଶ ପାଇଁ ଏହା ଏକ ଅପରିହାର୍ଯ୍ୟ ଗୁଣ । ତେଣୁ ଆସନ୍ତୁ ଆମେ ସମସ୍ତେ ଶ୍ରଦ୍ଧାକୁ ଜୀବନର ମୂଳମନ୍ତ୍ର କରିବା ।
ଭୁବନେଶ୍ୱର, ମୋ: ୯୪୩୭୬୬୬୭୬୦
ପାଠକ ଶ୍ରେଷ୍ଠ ବିଚାରକ
ଜମ୍ମୁ-କଶ୍ମୀର ଭାରତର
ମହାଶୟ, ପାକିସ୍ତାନ ଜାତିସଂଘରେ ପୁଣିଥରେ କଶ୍ମୀର ପ୍ରସଙ୍ଗ ଉଠାଇଛି । କେବଳ ସେତିକିରେ ନୁହେଁ ସୀମାପାରି ଆତଙ୍କବାଦକୁ ପ୍ରଶ୍ରୟ ଦେଇ ଉପତ୍ୟକାରେ ଅଶାନ୍ତି ସୃଷ୍ଟି କରୁଛି । ଜମ୍ମୁ-କଶ୍ମୀର ଭାରତର ଅବିଚ୍ଛେଦ୍ୟ ଅଙ୍ଗ ଏବଂ ଏହା ବିଷୟରେ କୌଣସି ତୃତୀୟ ପକ୍ଷର ହସ୍ତକ୍ଷେପ ଗ୍ରହଣୀୟ ନୁହେଁ । ପାକିସ୍ତାନ ଆନ୍ତର୍ଜାତିକ ମଞ୍ଚରେ ଭାରତକୁ ବଦନାମ କରିବାକୁ ଚେଷ୍ଟା କରୁଛି । ଭାରତ ସରକାର କୂଟନୈତିକ ସ୍ତରରେ ଏହାର ଉପଯୁକ୍ତ ଜବାବ ଦେବା ଉଚିତ । ସେଠାରେ ଶାନ୍ତି ପ୍ରତିଷ୍ଠା ପାଇଁ ବିକାଶମୂଳକ କାର୍ଯ୍ୟ ତ୍ୱରାନ୍ୱିତ କରିବା ଦରକାର । ଯୁବକମାନଙ୍କୁ ନିଯୁକ୍ତି ଦେଇ ମୁଖ୍ୟସ୍ରୋତକୁ ଆଣିଲେ ଆତଙ୍କବାଦ ଆପେ ଆପେ ଦୁର୍ବଳ ହେବ । ସମଗ୍ର ଦେଶ କଶ୍ମୀରବାସୀଙ୍କ ସହ ଠିଆ ହୋଇଛି ।
ଅର୍ଜୁନ ଭଞ୍ଜ, ଖଲିରସାହି, ସୁନ୍ଦରଗଡ଼
ବସ୍ତ୍ରଖଣ୍ଡଗୁଡ଼ିକର ଉନ୍ନତି କରାଯାଉ
ବର୍ତ୍ତମାନ ଓଡ଼ିଶାରେ ବସ୍ତ୍ରଶିଳ୍ପ ଅତ୍ୟନ୍ତ ଦୟନୀୟ ଅବସ୍ଥାରେ ପହଞ୍ଚିଛି । ଅନେକ ବୁଣାକାର ନିଜ ପାରମ୍ପରିକ ବୃତ୍ତି ଛାଡ଼ି ଅନ୍ୟ କାମ ଖୋଜିବାକୁ ବାଧ୍ୟ ହେଉଛନ୍ତି । ସମ୍ବଲପୁରୀ, ବୋମକାଇ ଓ କଟକୀ ଶାଢ଼ିର ଦେଶବିଦେଶରେ ଚାହିଦା ଥିଲେ ମଧ୍ୟ ବୁଣାକାରମାନେ ଉଚିତ ମଜୁରୀ ପାଉନାହାନ୍ତି । ସରକାର ଏମାନଙ୍କ ପାଇଁ ସ୍ୱତନ୍ତ୍ର ସହାୟତା ଯୋଜନା ଘୋଷଣା କରିବା ଉଚିତ । ସମବାୟ ସମିତିଗୁଡ଼ିକୁ ସକ୍ରିୟ କରି ବଜାର ସୁବିଧା ଯୋଗାଇଲେ ଏହି ଶିଳ୍ପ ପୁନର୍ଜୀବିତ ହୋଇପାରିବ ।
ପଞ୍ଚାନନ ସ୍ୱାଇଁ ବରପଦା, ଭଦ୍ରକ, କେନ୍ଦୁଝର
ଆଇନ ତା' ବାଟରେ ଯିବ
ସରକାର ପ୍ରତ୍ୟେକଥର କହନ୍ତି ଯେ - ଆଇନ ତା' ବାଟରେ ଯିବ । କିନ୍ତୁ ବାସ୍ତବରେ ଦୋଷୀମାନେ ପ୍ରାୟତଃ ଖସିଯାଆନ୍ତି । ନ୍ୟାୟ ପ୍ରକ୍ରିୟାରେ ବିଳମ୍ବ ଯୋଗୁଁ ପୀଡ଼ିତମାନେ ହତାଶ ହେଉଛନ୍ତି । ଅନେକ ମାମଲା ବର୍ଷ ବର୍ଷ ଧରି ଅଦାଲତରେ ବିଚାରାଧୀନ ରହିଛି । ଏହି ପରିସ୍ଥିତିରେ ଲୋକଙ୍କ ଆସ୍ଥା ନ୍ୟାୟ ବ୍ୟବସ୍ଥା ଉପରୁ ତୁଟିବାରେ ଲାଗିଛି । ପୋଲିସ ତଦନ୍ତରେ ସ୍ୱଚ୍ଛତା ଆଣିବା ସହ ଦ୍ରୁତ ବିଚାର ପାଇଁ ଅଧିକ ଅଦାଲତ ଗଠନ କରାଯିବା ଦରକାର । ପ୍ରଭାବଶାଳୀ ବ୍ୟକ୍ତିମାନେ ଆଇନର ଫାଙ୍କ ଦେଇ ଖସିଯିବା ଘଟଣା ବନ୍ଦ ହେବା ଉଚିତ । ସମସ୍ତଙ୍କ ପାଇଁ ଆଇନ ସମାନ, ଏହି ନୀତିକୁ କାର୍ଯ୍ୟରେ ପରିଣତ କରିବା ସରକାରଙ୍କ ଦାୟିତ୍ୱ । ସାକ୍ଷୀ ସୁରକ୍ଷା ଆଇନ କାର୍ଯ୍ୟକାରୀ କରି ନ୍ୟାୟ ପ୍ରକ୍ରିୟାକୁ ମଜବୁତ କରାଯାଇପାରେ । ନାଗରିକମାନେ ମଧ୍ୟ ସଚେତନ ହୋଇ ଅନ୍ୟାୟ ବିରୋଧରେ ସ୍ୱର ଉଠାଇବା ଦରକାର ।
ଅକ୍ଷୟ ମହାନ୍ତି, କେନ୍ଦୁଝିରିଆ, ଜଗତସିଂହପୁର
ପାଠକ ଶ୍ରେଷ୍ଠ ବିଚାରକ ସ୍ତମ୍ଭ ପାଇଁ ଚିଠି ପଠାଇବାର ଠିକଣା:
ସମ୍ପାଦକ, ଧରିତ୍ରୀ,
ବି-୨୧, ରସୁଲଗଡ଼ ଶିଳ୍ପାଞ୍ଚଳ, ଭୁବନେଶ୍ୱର-୭୫୧୦୧୦
କେବଳ ସମ୍ପାଦକଙ୍କ ପାଇଁ, ପାଠକ ଚିଠି, ଖବର ଓ ଖବର ଫଟୋ ପାଇଁ
E-mail:dharitripress@gmail.com
(Use only for letters to Editor, news & news photos)
କେବଳ ବିଜ୍ଞାପନ ପାଇଁ ବ୍ୟବହାର କରନ୍ତୁ
E-mail:advt@dharitri.com
:miku11@yahoo.com(Use only for
advertisements, commercial queries)
ଧରିତ୍ରୀ
ପଚିଶ ବର୍ଷ
ତଳର ଧରିତ୍ରୀ
୨୯ ଜୁଲାଇ
୧୯୯୧
▸ କୁଏତରେ ସିବିଲ ଚାକିରି ପାଇଁ ଫ୍ରାନ୍ସ ବୋଲି ଆମେରିକା ଉପରେ ଚାପ ପକାଇବାକୁ କୁଏତ ଅଧିକାରୀ ।
▸ ରାଜ୍ୟର ଉତ୍ପାଦନ ପାଇଁ ଏ ବର୍ଷ ସିଲେଜ ପରିମାଣ ଆହୁରି ବଢ଼ିବ ବୋଲି ଗୋପଳ ଡ଼ିଏସ୍ ପରିବହନ ପାଇଁ ଆଲୋଚନା ହୋଇଛି ।
su do ku ସୁ-ଡୋ-କୁ
E
B
ଏହାର ଉତ୍ତର ଆସନ୍ତାକାଲି ପ୍ରକାଶ ପାଇବ
ଉପରେ ପ୍ରଦତ୍ତ ସୁଡୋକୁରେ ଉପରି ଭାଗରେ ସମାଧାନ କରିବାକୁ ହେବ । ପ୍ରତ୍ୟେକ ଧାଡ଼ି, ପ୍ରତ୍ୟେକ ସ୍ତମ୍ଭ ଓ ପ୍ରତ୍ୟେକ ବାକ୍ସରେ ୧ ରୁ ୯ ପର୍ଯ୍ୟନ୍ତ ଓ A B E ପର୍ଯ୍ୟନ୍ତ ଲେଖିବାକୁ ହେବ ।
ଗତକାଲିର ଉତ୍ତର
